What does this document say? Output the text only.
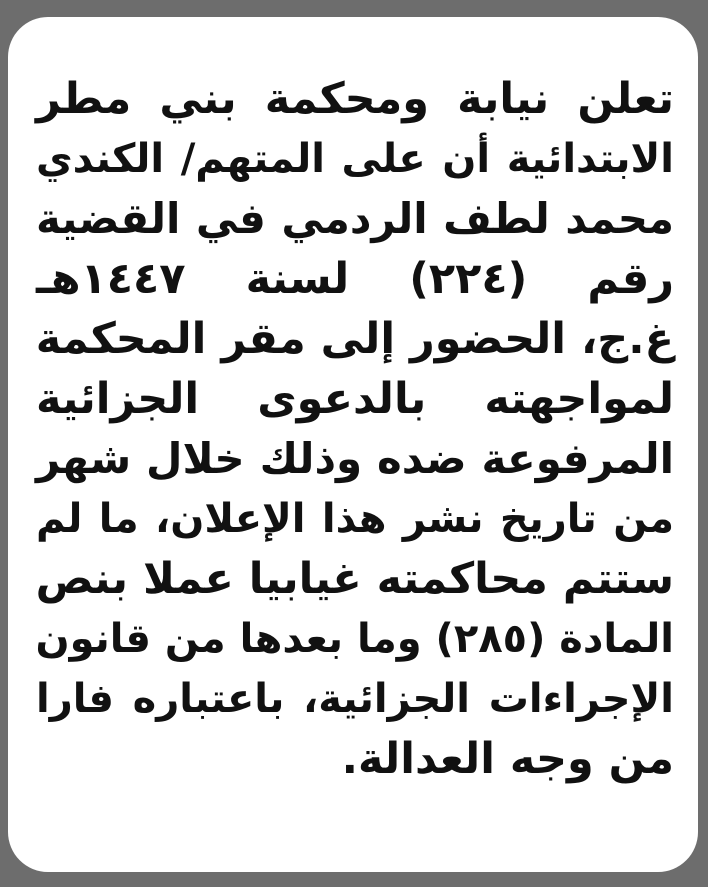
تعلن نيابة ومحكمة بني مطر
الابتدائية أن على المتهم/ الكندي
محمد لطف الردمي في القضية
رقم (٢٢٤) لسنة ١٤٤٧هـ
غ.ج، الحضور إلى مقر المحكمة
لمواجهته بالدعوى الجزائية
المرفوعة ضده وذلك خلال شهر
من تاريخ نشر هذا الإعلان، ما لم
ستتم محاكمته غيابيا عملا بنص
المادة (٢٨٥) وما بعدها من قانون
الإجراءات الجزائية، باعتباره فارا
من وجه العدالة.
